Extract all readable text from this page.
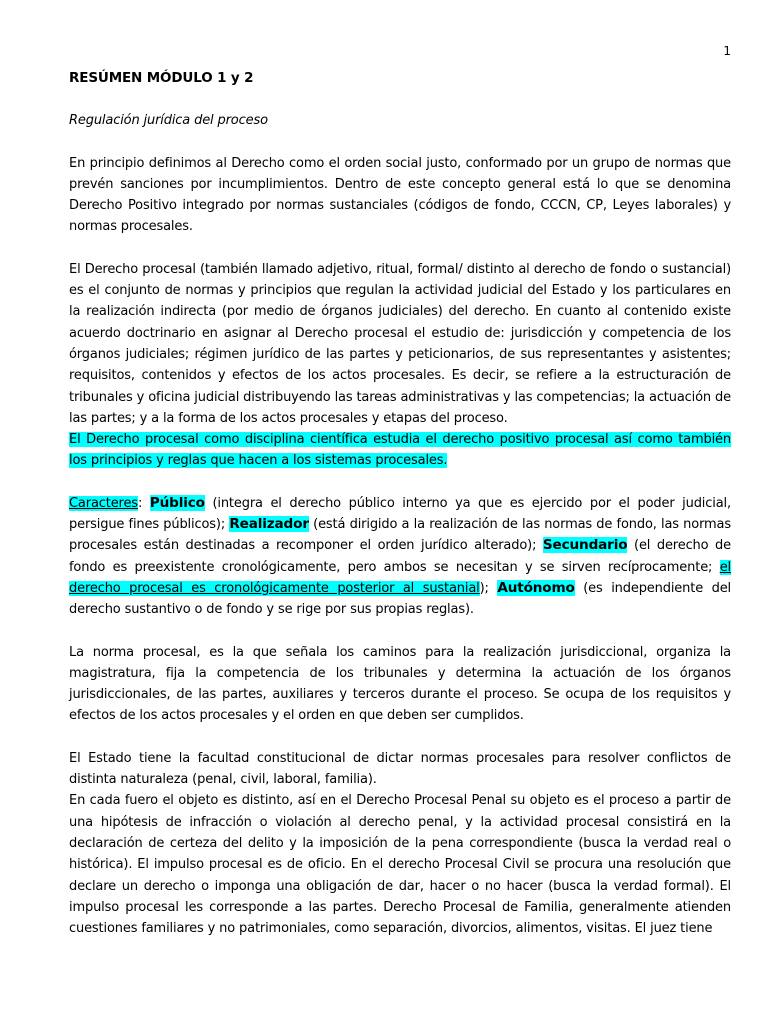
1

RESÚMEN MÓDULO 1 y 2

Regulación jurídica del proceso

En principio definimos al Derecho como el orden social justo, conformado por un grupo de normas que prevén sanciones por incumplimientos. Dentro de este concepto general está lo que se denomina Derecho Positivo integrado por normas sustanciales (códigos de fondo, CCCN, CP, Leyes laborales) y normas procesales.

El Derecho procesal (también llamado adjetivo, ritual, formal/ distinto al derecho de fondo o sustancial) es el conjunto de normas y principios que regulan la actividad judicial del Estado y los particulares en la realización indirecta (por medio de órganos judiciales) del derecho. En cuanto al contenido existe acuerdo doctrinario en asignar al Derecho procesal el estudio de: jurisdicción y competencia de los órganos judiciales; régimen jurídico de las partes y peticionarios, de sus representantes y asistentes; requisitos, contenidos y efectos de los actos procesales. Es decir, se refiere a la estructuración de tribunales y oficina judicial distribuyendo las tareas administrativas y las competencias; la actuación de las partes; y a la forma de los actos procesales y etapas del proceso.
El Derecho procesal como disciplina científica estudia el derecho positivo procesal así como también los principios y reglas que hacen a los sistemas procesales.

Caracteres: Público (integra el derecho público interno ya que es ejercido por el poder judicial, persigue fines públicos); Realizador (está dirigido a la realización de las normas de fondo, las normas procesales están destinadas a recomponer el orden jurídico alterado); Secundario (el derecho de fondo es preexistente cronológicamente, pero ambos se necesitan y se sirven recíprocamente; el derecho procesal es cronológicamente posterior al sustanial); Autónomo (es independiente del derecho sustantivo o de fondo y se rige por sus propias reglas).

La norma procesal, es la que señala los caminos para la realización jurisdiccional, organiza la magistratura, fija la competencia de los tribunales y determina la actuación de los órganos jurisdiccionales, de las partes, auxiliares y terceros durante el proceso. Se ocupa de los requisitos y efectos de los actos procesales y el orden en que deben ser cumplidos.

El Estado tiene la facultad constitucional de dictar normas procesales para resolver conflictos de distinta naturaleza (penal, civil, laboral, familia).

En cada fuero el objeto es distinto, así en el Derecho Procesal Penal su objeto es el proceso a partir de una hipótesis de infracción o violación al derecho penal, y la actividad procesal consistirá en la declaración de certeza del delito y la imposición de la pena correspondiente (busca la verdad real o histórica). El impulso procesal es de oficio. En el derecho Procesal Civil se procura una resolución que declare un derecho o imponga una obligación de dar, hacer o no hacer (busca la verdad formal). El impulso procesal les corresponde a las partes. Derecho Procesal de Familia, generalmente atienden cuestiones familiares y no patrimoniales, como separación, divorcios, alimentos, visitas. El juez tiene
